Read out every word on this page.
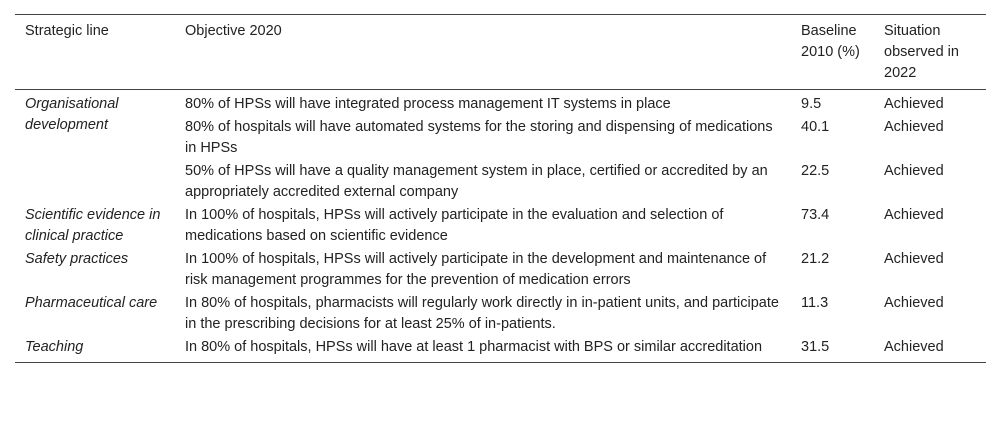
Strategic line	Objective 2020	Baseline 2010 (%)	Situation observed in 2022
Organisational development	80% of HPSs will have integrated process management IT systems in place	9.5	Achieved
	80% of hospitals will have automated systems for the storing and dispensing of medications in HPSs	40.1	Achieved
	50% of HPSs will have a quality management system in place, certified or accredited by an appropriately accredited external company	22.5	Achieved
Scientific evidence in clinical practice	In 100% of hospitals, HPSs will actively participate in the evaluation and selection of medications based on scientific evidence	73.4	Achieved
Safety practices	In 100% of hospitals, HPSs will actively participate in the development and maintenance of risk management programmes for the prevention of medication errors	21.2	Achieved
Pharmaceutical care	In 80% of hospitals, pharmacists will regularly work directly in in-patient units, and participate in the prescribing decisions for at least 25% of in-patients.	11.3	Achieved
Teaching	In 80% of hospitals, HPSs will have at least 1 pharmacist with BPS or similar accreditation	31.5	Achieved
